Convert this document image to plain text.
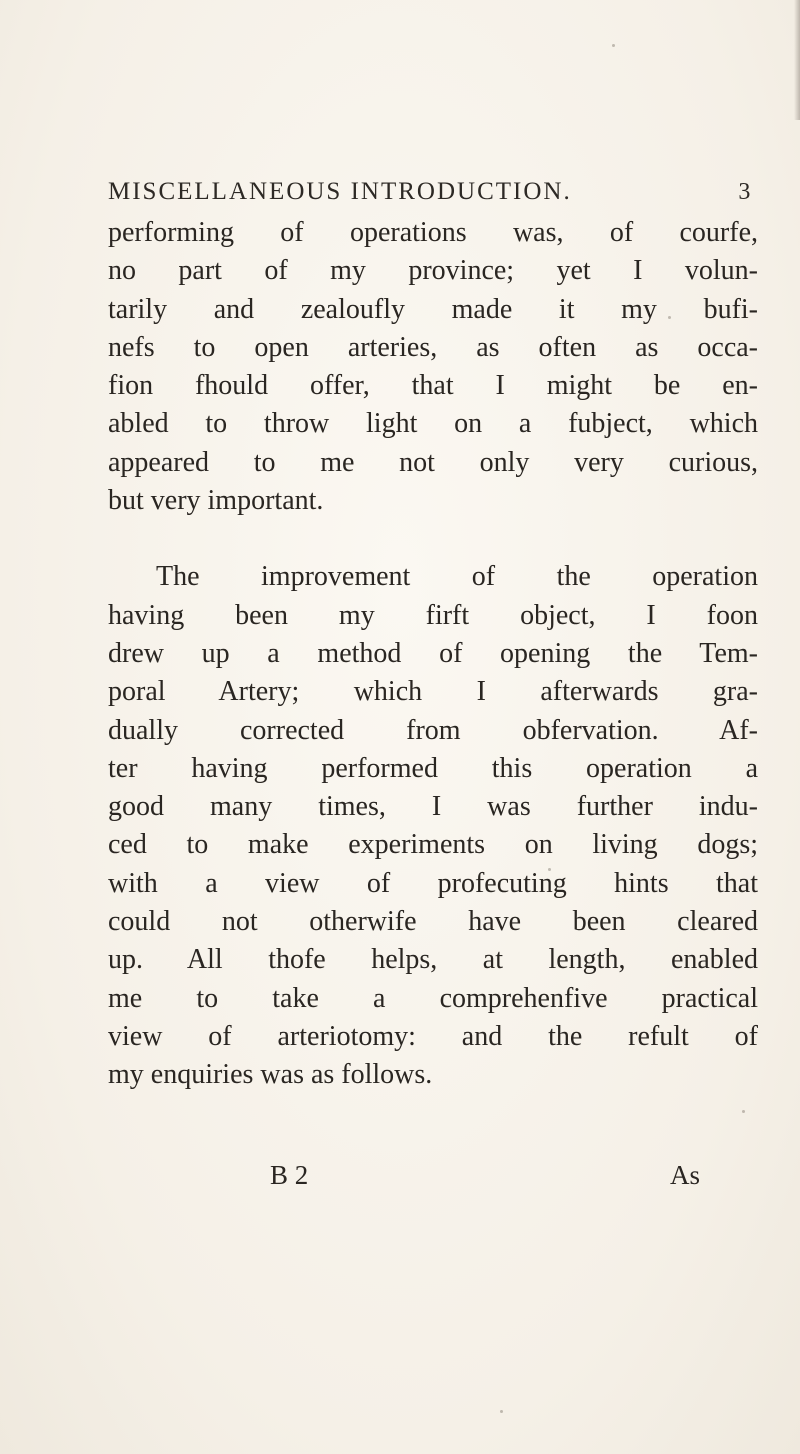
MISCELLANEOUS INTRODUCTION.	3
performing of operations was, of courfe,
no part of my province; yet I volun-
tarily and zealoufly made it my bufi-
nefs to open arteries, as often as occa-
fion fhould offer, that I might be en-
abled to throw light on a fubject, which
appeared to me not only very curious,
but very important.
The improvement of the operation
having been my firft object, I foon
drew up a method of opening the Tem-
poral Artery; which I afterwards gra-
dually corrected from obfervation. Af-
ter having performed this operation a
good many times, I was further indu-
ced to make experiments on living dogs;
with a view of profecuting hints that
could not otherwife have been cleared
up. All thofe helps, at length, enabled
me to take a comprehenfive practical
view of arteriotomy: and the refult of
my enquiries was as follows.
B 2	As
